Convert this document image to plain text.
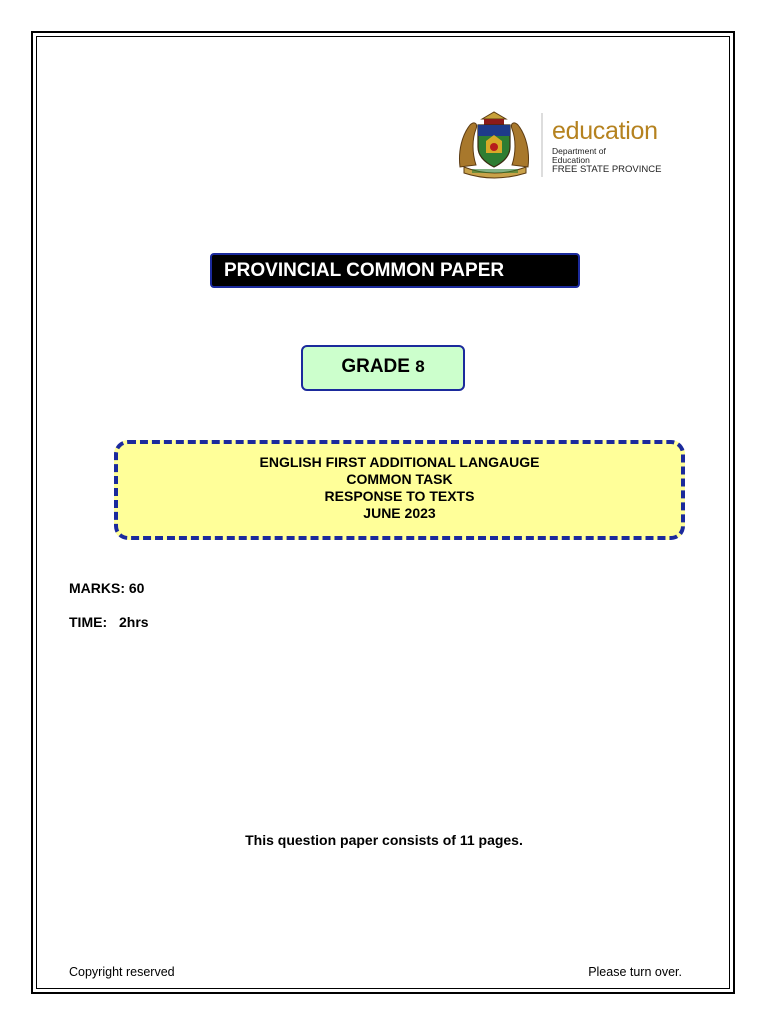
education
Department of
Education
FREE STATE PROVINCE
PROVINCIAL COMMON PAPER
GRADE 8
ENGLISH FIRST ADDITIONAL LANGAUGE
COMMON TASK
RESPONSE TO TEXTS
JUNE 2023
MARKS: 60
TIME: 2hrs
This question paper consists of 11 pages.
Copyright reserved	Please turn over.
